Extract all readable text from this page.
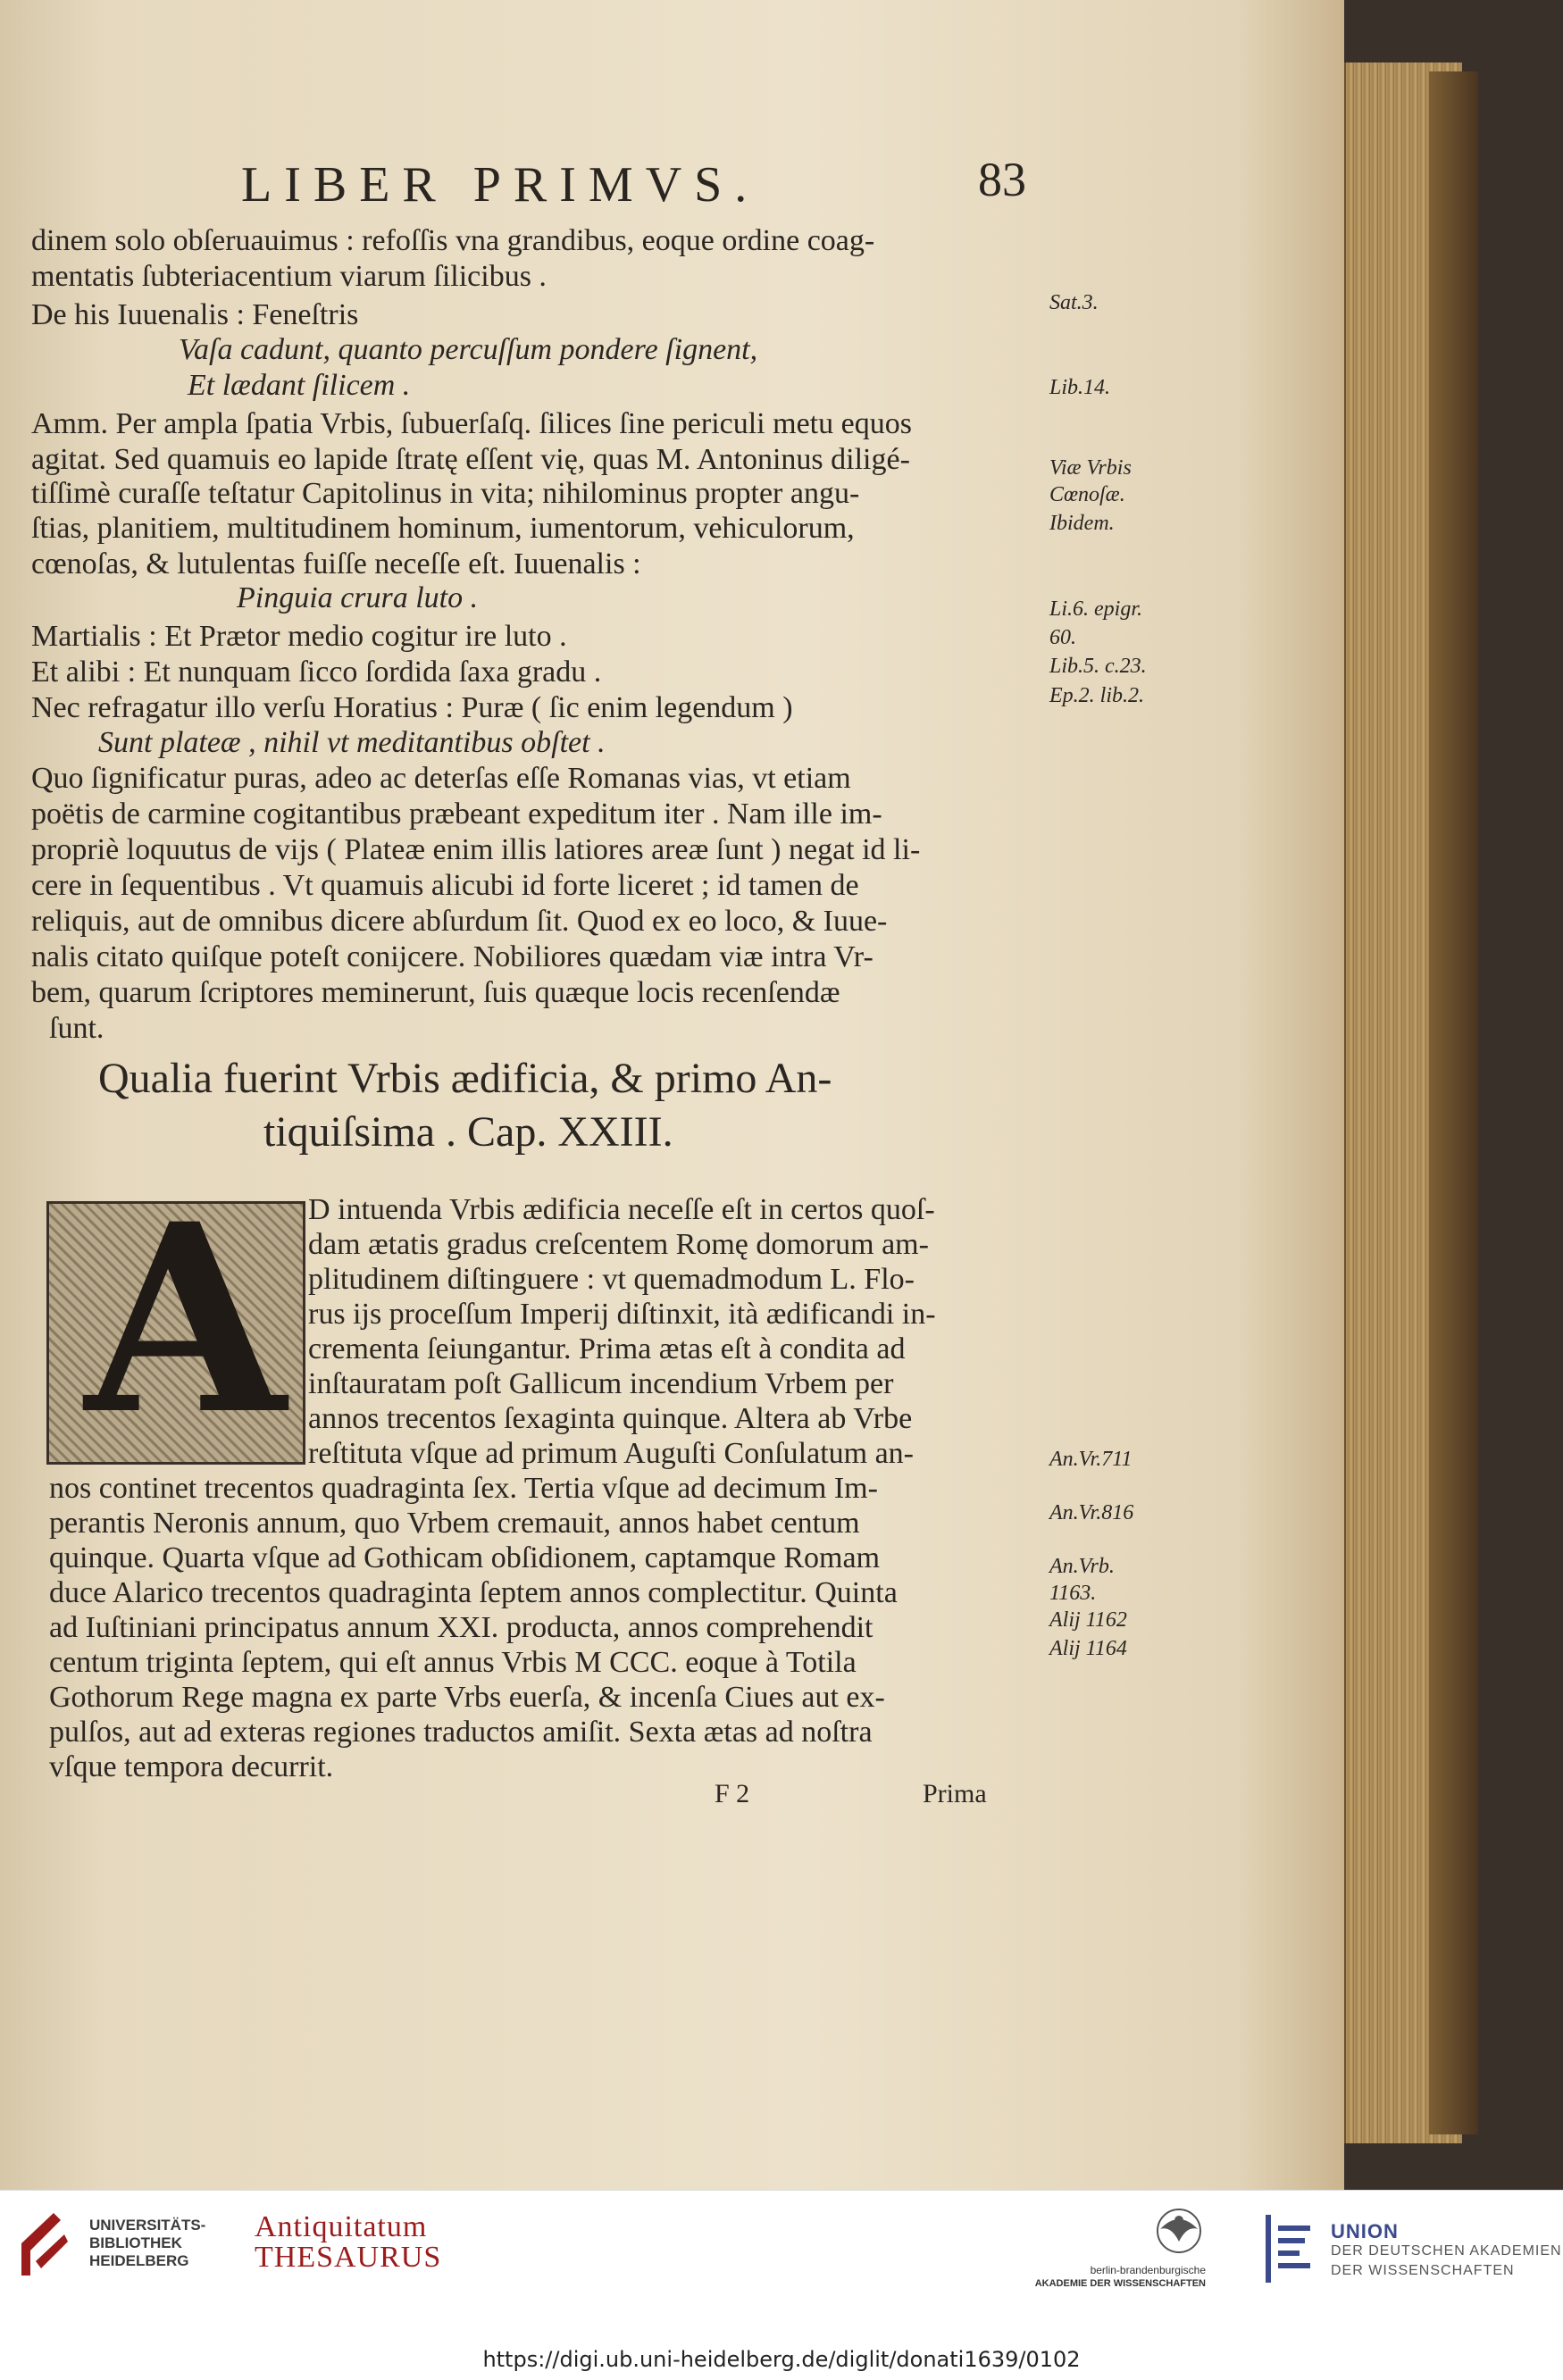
LIBER PRIMVS.	83
dinem solo obſeruauimus : refoſſis vna grandibus, eoque ordine coag-
mentatis ſubteriacentium viarum ſilicibus .
De his Iuuenalis : Feneſtris
Vaſa cadunt, quanto percuſſum pondere ſignent,
Et lædant ſilicem .
Amm. Per ampla ſpatia Vrbis, ſubuerſaſq. ſilices ſine periculi metu equos
agitat. Sed quamuis eo lapide ſtratę eſſent vię, quas M. Antoninus diligé-
tiſſimè curaſſe teſtatur Capitolinus in vita; nihilominus propter angu-
ſtias, planitiem, multitudinem hominum, iumentorum, vehiculorum,
cœnoſas, & lutulentas fuiſſe neceſſe eſt. Iuuenalis :
Pinguia crura luto .
Martialis : Et Prætor medio cogitur ire luto .
Et alibi : Et nunquam ſicco ſordida ſaxa gradu .
Nec refragatur illo verſu Horatius : Puræ ( ſic enim legendum )
Sunt plateæ , nihil vt meditantibus obſtet .
Quo ſignificatur puras, adeo ac deterſas eſſe Romanas vias, vt etiam
poëtis de carmine cogitantibus præbeant expeditum iter . Nam ille im-
propriè loquutus de vijs ( Plateæ enim illis latiores areæ ſunt ) negat id li-
cere in ſequentibus . Vt quamuis alicubi id forte liceret ; id tamen de
reliquis, aut de omnibus dicere abſurdum ſit. Quod ex eo loco, & Iuue-
nalis citato quiſque poteſt conijcere. Nobiliores quædam viæ intra Vr-
bem, quarum ſcriptores meminerunt, ſuis quæque locis recenſendæ
ſunt.
Qualia fuerint Vrbis ædificia, & primo An-
tiquiſsima . Cap. XXIII.
A D intuenda Vrbis ædificia neceſſe eſt in certos quoſ-
dam ætatis gradus creſcentem Romę domorum am-
plitudinem diſtinguere : vt quemadmodum L. Flo-
rus ijs proceſſum Imperij diſtinxit, ità ædificandi in-
crementa ſeiungantur. Prima ætas eſt à condita ad
inſtauratam poſt Gallicum incendium Vrbem per
annos trecentos ſexaginta quinque. Altera ab Vrbe
reſtituta vſque ad primum Auguſti Conſulatum an-
nos continet trecentos quadraginta ſex. Tertia vſque ad decimum Im-
perantis Neronis annum, quo Vrbem cremauit, annos habet centum
quinque. Quarta vſque ad Gothicam obſidionem, captamque Romam
duce Alarico trecentos quadraginta ſeptem annos complectitur. Quinta
ad Iuſtiniani principatus annum XXI. producta, annos comprehendit
centum triginta ſeptem, qui eſt annus Vrbis M CCC. eoque à Totila
Gothorum Rege magna ex parte Vrbs euerſa, & incenſa Ciues aut ex-
pulſos, aut ad exteras regiones traductos amiſit. Sexta ætas ad noſtra
vſque tempora decurrit.
Sat.3.
Lib.14.
Viæ Vrbis
Cœnoſæ.
Ibidem.
Li.6. epigr.
60.
Lib.5. c.23.
Ep.2. lib.2.
An.Vr.711
An.Vr.816
An.Vrb.
1163.
Alij 1162
Alij 1164
F 2	Prima
UNIVERSITÄTS-
BIBLIOTHEK
HEIDELBERG
Antiquitatum
THESAURUS	berlin-brandenburgische
AKADEMIE DER WISSENSCHAFTEN
UNION
DER DEUTSCHEN AKADEMIEN
DER WISSENSCHAFTEN
https://digi.ub.uni-heidelberg.de/diglit/donati1639/0102
